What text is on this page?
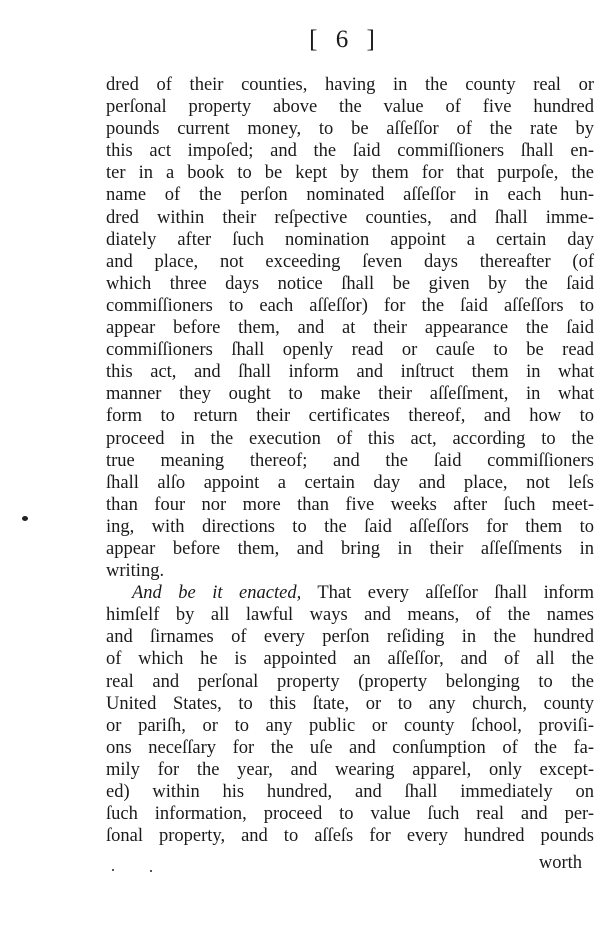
[ 6 ]
dred of their counties, having in the county real or
perſonal property above the value of five hundred
pounds current money, to be aſſeſſor of the rate by
this act impoſed; and the ſaid commiſſioners ſhall en-
ter in a book to be kept by them for that purpoſe, the
name of the perſon nominated aſſeſſor in each hun-
dred within their reſpective counties, and ſhall imme-
diately after ſuch nomination appoint a certain day
and place, not exceeding ſeven days thereafter (of
which three days notice ſhall be given by the ſaid
commiſſioners to each aſſeſſor) for the ſaid aſſeſſors to
appear before them, and at their appearance the ſaid
commiſſioners ſhall openly read or cauſe to be read
this act, and ſhall inform and inſtruct them in what
manner they ought to make their aſſeſſment, in what
form to return their certificates thereof, and how to
proceed in the execution of this act, according to the
true meaning thereof; and the ſaid commiſſioners
ſhall alſo appoint a certain day and place, not leſs
than four nor more than five weeks after ſuch meet-
ing, with directions to the ſaid aſſeſſors for them to
appear before them, and bring in their aſſeſſments in
writing.
And be it enacted, That every aſſeſſor ſhall inform
himſelf by all lawful ways and means, of the names
and ſirnames of every perſon reſiding in the hundred
of which he is appointed an aſſeſſor, and of all the
real and perſonal property (property belonging to the
United States, to this ſtate, or to any church, county
or pariſh, or to any public or county ſchool, proviſi-
ons neceſſary for the uſe and conſumption of the fa-
mily for the year, and wearing apparel, only except-
ed) within his hundred, and ſhall immediately on
ſuch information, proceed to value ſuch real and per-
ſonal property, and to aſſeſs for every hundred pounds
worth
